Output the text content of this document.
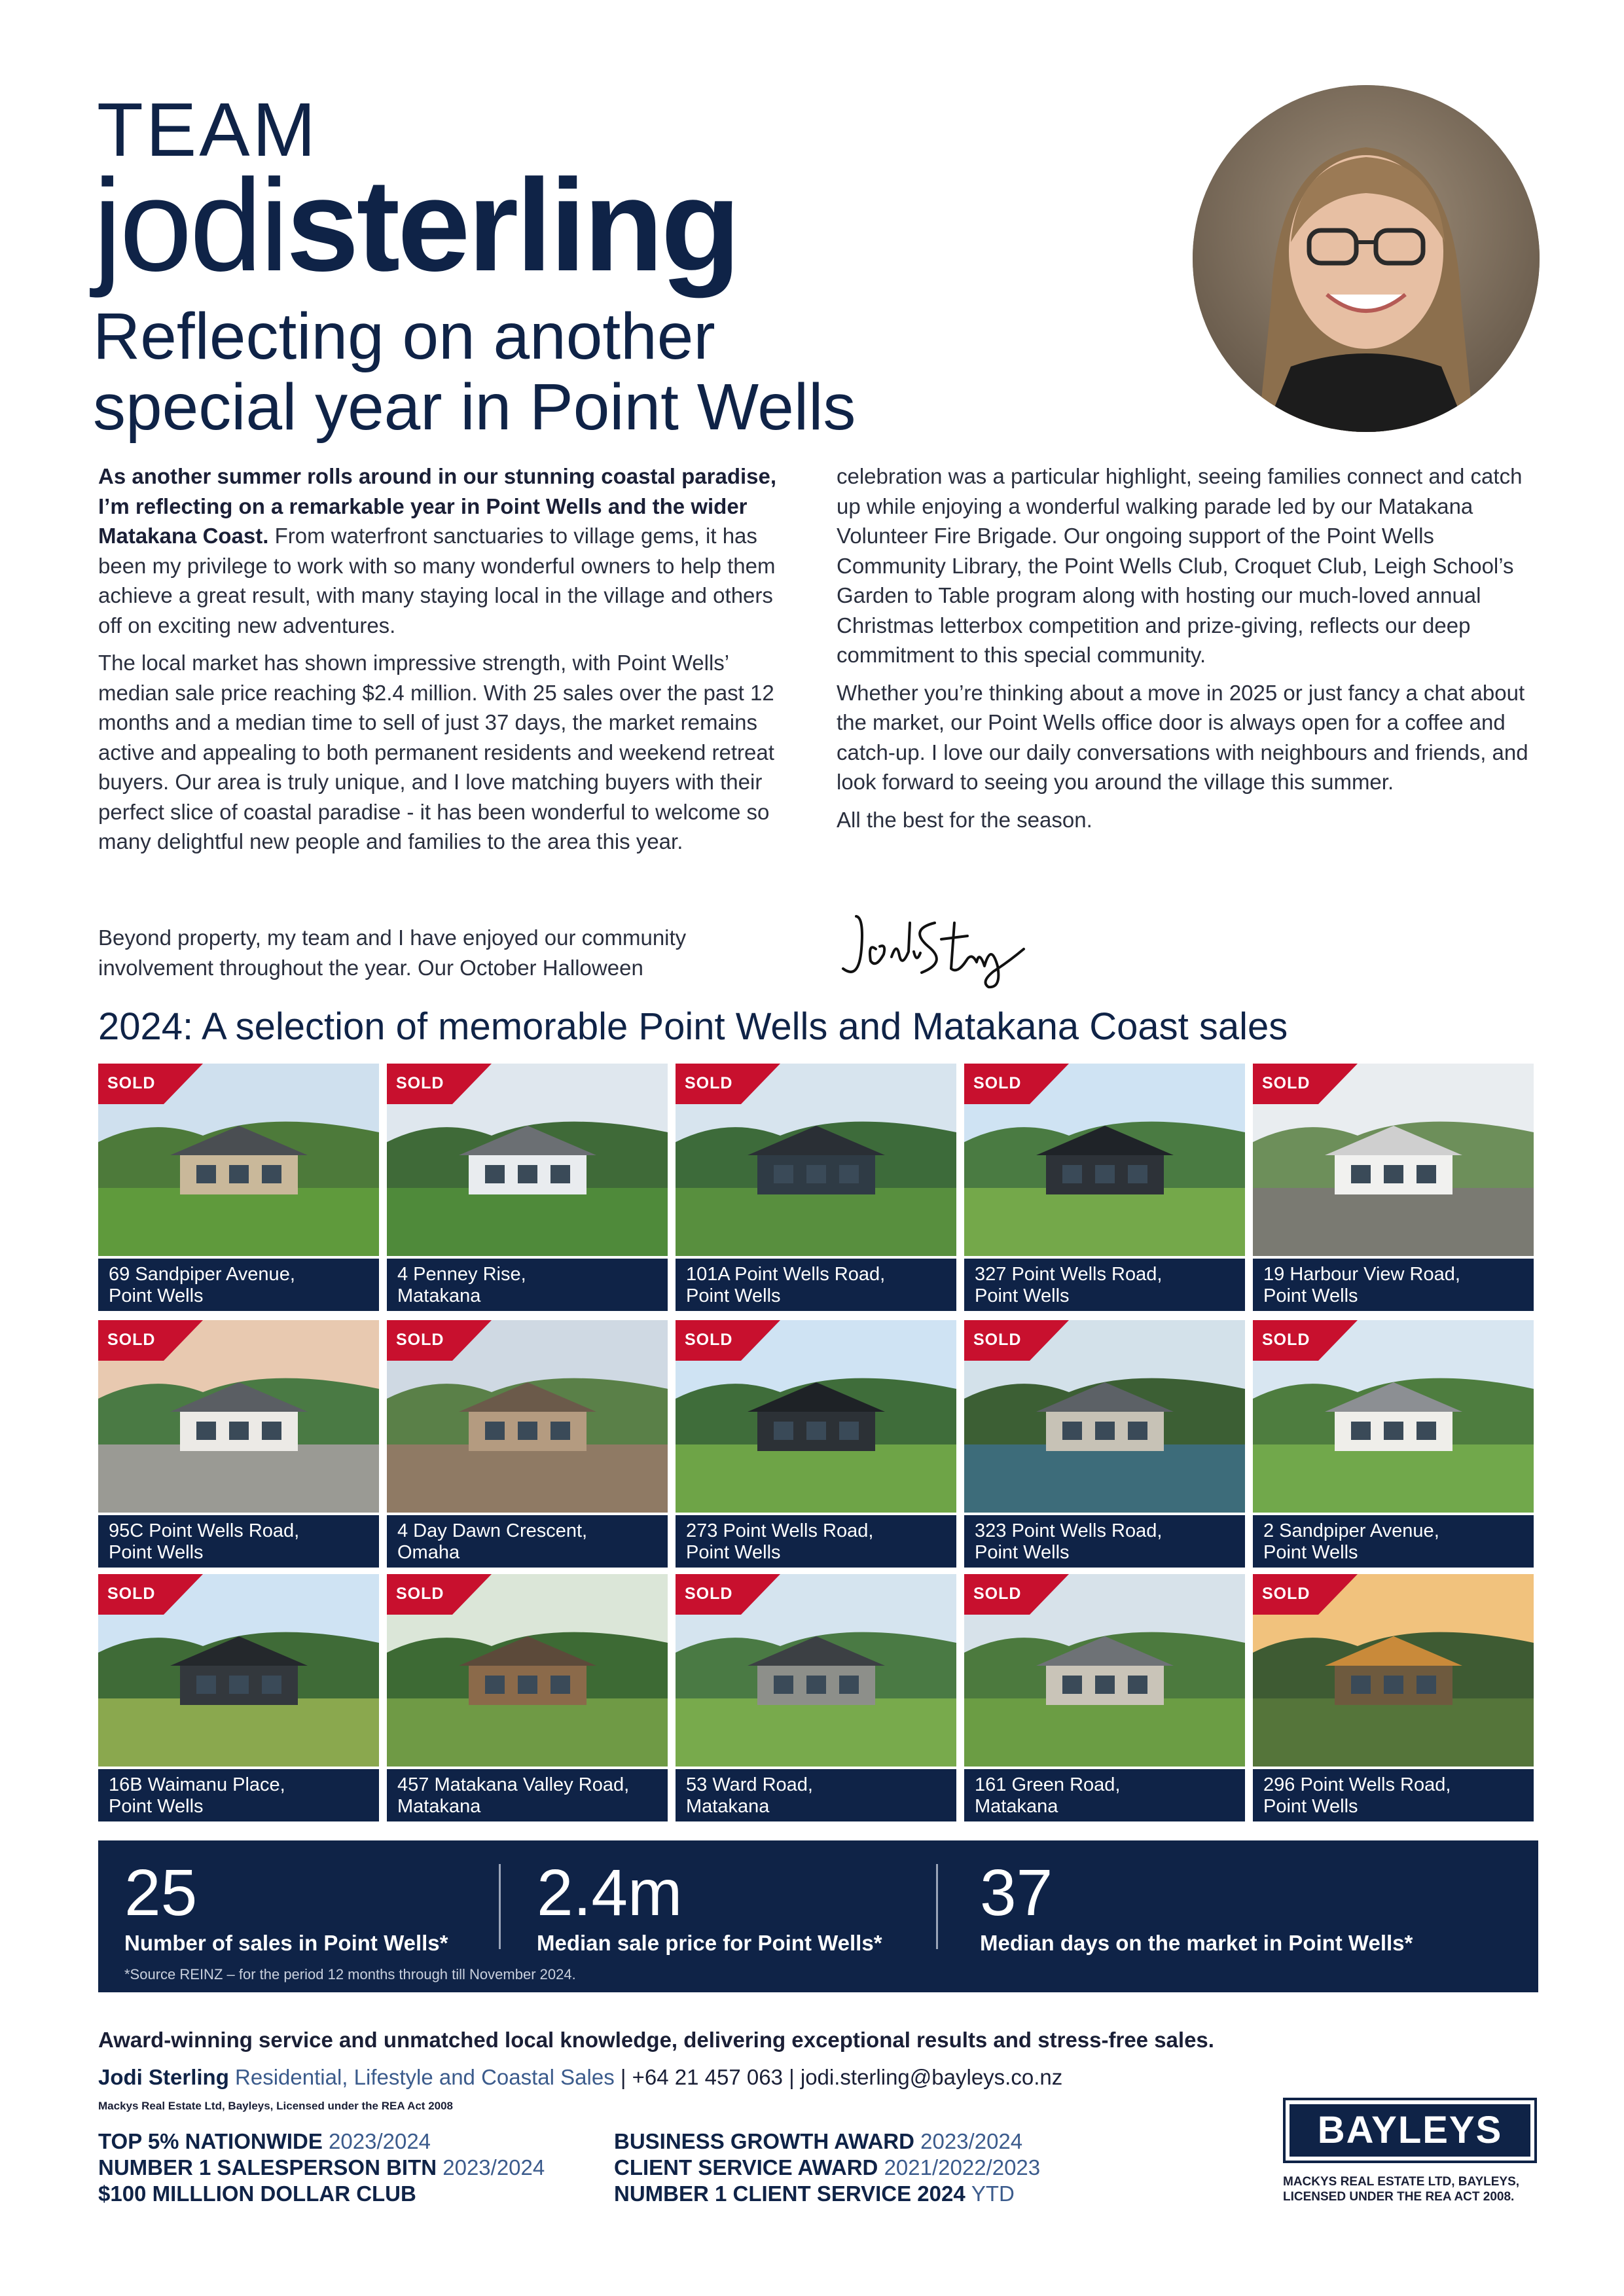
TEAM
jodisterling
Reflecting on another
special year in Point Wells

As another summer rolls around in our stunning coastal paradise, I’m reflecting on a remarkable year in Point Wells and the wider Matakana Coast. From waterfront sanctuaries to village gems, it has been my privilege to work with so many wonderful owners to help them achieve a great result, with many staying local in the village and others off on exciting new adventures.

The local market has shown impressive strength, with Point Wells’ median sale price reaching $2.4 million. With 25 sales over the past 12 months and a median time to sell of just 37 days, the market remains active and appealing to both permanent residents and weekend retreat buyers. Our area is truly unique, and I love matching buyers with their perfect slice of coastal paradise - it has been wonderful to welcome so many delightful new people and families to the area this year.

Beyond property, my team and I have enjoyed our community involvement throughout the year. Our October Halloween

celebration was a particular highlight, seeing families connect and catch up while enjoying a wonderful walking parade led by our Matakana Volunteer Fire Brigade. Our ongoing support of the Point Wells Community Library, the Point Wells Club, Croquet Club, Leigh School’s Garden to Table program along with hosting our much-loved annual Christmas letterbox competition and prize-giving, reflects our deep commitment to this special community.

Whether you’re thinking about a move in 2025 or just fancy a chat about the market, our Point Wells office door is always open for a coffee and catch-up. I love our daily conversations with neighbours and friends, and look forward to seeing you around the village this summer.

All the best for the season.

2024: A selection of memorable Point Wells and Matakana Coast sales
SOLD
69 Sandpiper Avenue,
Point Wells
SOLD
4 Penney Rise,
Matakana
SOLD
101A Point Wells Road,
Point Wells
SOLD
327 Point Wells Road,
Point Wells
SOLD
19 Harbour View Road,
Point Wells
SOLD
95C Point Wells Road,
Point Wells
SOLD
4 Day Dawn Crescent,
Omaha
SOLD
273 Point Wells Road,
Point Wells
SOLD
323 Point Wells Road,
Point Wells
SOLD
2 Sandpiper Avenue,
Point Wells
SOLD
16B Waimanu Place,
Point Wells
SOLD
457 Matakana Valley Road,
Matakana
SOLD
53 Ward Road,
Matakana
SOLD
161 Green Road,
Matakana
SOLD
296 Point Wells Road,
Point Wells
25
Number of sales in Point Wells*
2.4m
Median sale price for Point Wells*
37
Median days on the market in Point Wells*
*Source REINZ – for the period 12 months through till November 2024.
Award-winning service and unmatched local knowledge, delivering exceptional results and stress-free sales.
Jodi Sterling Residential, Lifestyle and Coastal Sales | +64 21 457 063 | jodi.sterling@bayleys.co.nz
Mackys Real Estate Ltd, Bayleys, Licensed under the REA Act 2008
TOP 5% NATIONWIDE 2023/2024
NUMBER 1 SALESPERSON BITN 2023/2024
$100 MILLLION DOLLAR CLUB
BUSINESS GROWTH AWARD 2023/2024
CLIENT SERVICE AWARD 2021/2022/2023
NUMBER 1 CLIENT SERVICE 2024 YTD
BAYLEYS
MACKYS REAL ESTATE LTD, BAYLEYS,
LICENSED UNDER THE REA ACT 2008.
